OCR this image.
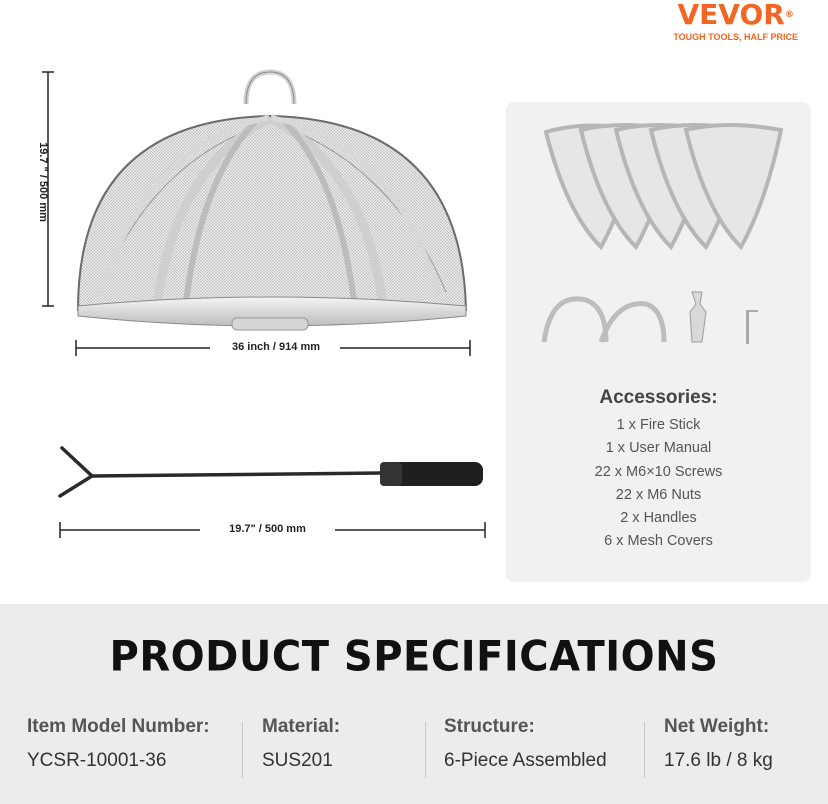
VEVOR®
TOUGH TOOLS, HALF PRICE
19.7 " / 500 mm
36 inch / 914 mm
19.7" / 500 mm
Accessories:
1 x Fire Stick
1 x User Manual
22 x M6×10 Screws
22 x M6 Nuts
2 x Handles
6 x Mesh Covers
PRODUCT SPECIFICATIONS
Item Model Number:
YCSR-10001-36
Material:
SUS201
Structure:
6-Piece Assembled
Net Weight:
17.6 lb / 8 kg
